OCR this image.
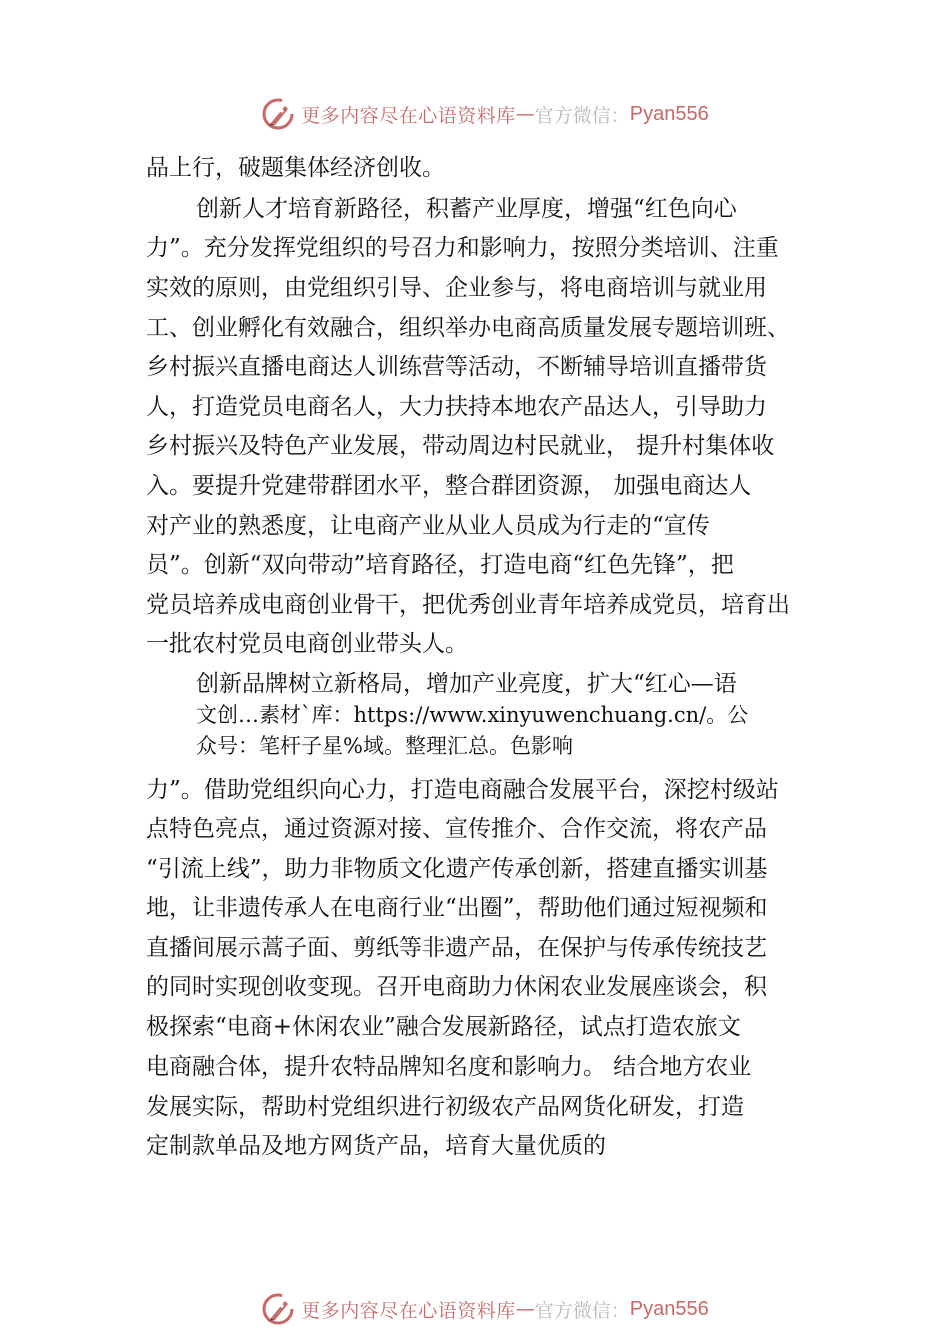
更多内容尽在心语资料库 — 官方微信： Pyan556
品上行，破题集体经济创收。
创新人才培育新路径，积蓄产业厚度，增强“红色向心
力”。充分发挥党组织的号召力和影响力，按照分类培训、注重
实效的原则，由党组织引导、企业参与，将电商培训与就业用
工、创业孵化有效融合，组织举办电商高质量发展专题培训班、
乡村振兴直播电商达人训练营等活动，不断辅导培训直播带货
人，打造党员电商名人，大力扶持本地农产品达人，引导助力
乡村振兴及特色产业发展，带动周边村民就业， 提升村集体收
入。要提升党建带群团水平，整合群团资源， 加强电商达人
对产业的熟悉度，让电商产业从业人员成为行走的“宣传
员”。创新“双向带动”培育路径，打造电商“红色先锋”，把
党员培养成电商创业骨干，把优秀创业青年培养成党员，培育出
一批农村党员电商创业带头人。
创新品牌树立新格局，增加产业亮度，扩大“红心—语
文创…素材`库：https://www.xinyuwenchuang.cn/。公
众号：笔杆子星%域。整理汇总。色影响
力”。借助党组织向心力，打造电商融合发展平台，深挖村级站
点特色亮点，通过资源对接、宣传推介、合作交流，将农产品
“引流上线”，助力非物质文化遗产传承创新，搭建直播实训基
地，让非遗传承人在电商行业“出圈”，帮助他们通过短视频和
直播间展示蒿子面、剪纸等非遗产品，在保护与传承传统技艺
的同时实现创收变现。召开电商助力休闲农业发展座谈会，积
极探索“电商+休闲农业”融合发展新路径，试点打造农旅文
电商融合体，提升农特品牌知名度和影响力。 结合地方农业
发展实际，帮助村党组织进行初级农产品网货化研发，打造
定制款单品及地方网货产品，培育大量优质的
更多内容尽在心语资料库 — 官方微信： Pyan556
